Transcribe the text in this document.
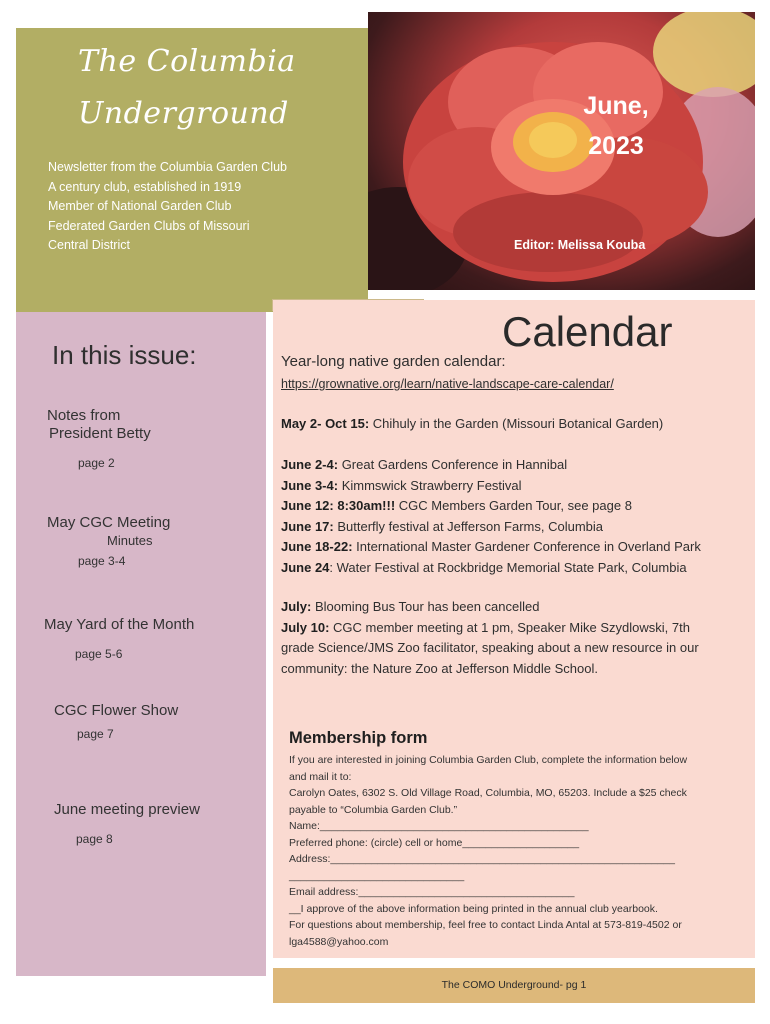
The Columbia
Underground
Newsletter from the Columbia Garden Club
A century club, established in 1919
Member of National Garden Club
Federated Garden Clubs of Missouri
Central District
June,
2023
Editor: Melissa Kouba
In this issue:
Notes from
President Betty
page 2
May CGC Meeting
Minutes
page 3-4
May Yard of the Month
page 5-6
CGC Flower Show
page 7
June meeting preview
page 8
Calendar
Year-long native garden calendar:
https://grownative.org/learn/native-landscape-care-calendar/
May 2- Oct 15: Chihuly in the Garden (Missouri Botanical Garden)
June 2-4: Great Gardens Conference in Hannibal
June 3-4: Kimmswick Strawberry Festival
June 12: 8:30am!!! CGC Members Garden Tour, see page 8
June 17: Butterfly festival at Jefferson Farms, Columbia
June 18-22: International Master Gardener Conference in Overland Park
June 24: Water Festival at Rockbridge Memorial State Park, Columbia
July: Blooming Bus Tour has been cancelled
July 10: CGC member meeting at 1 pm, Speaker Mike Szydlowski, 7th
grade Science/JMS Zoo facilitator, speaking about a new resource in our
community: the Nature Zoo at Jefferson Middle School.
Membership form
If you are interested in joining Columbia Garden Club, complete the information below
and mail it to:
Carolyn Oates, 6302 S. Old Village Road, Columbia, MO, 65203. Include a $25 check
payable to “Columbia Garden Club.”
Name:______________________________________________
Preferred phone: (circle) cell or home____________________
Address:___________________________________________________________
______________________________
Email address:_____________________________________
__I approve of the above information being printed in the annual club yearbook.
For questions about membership, feel free to contact Linda Antal at 573-819-4502 or
lga4588@yahoo.com
The COMO Underground- pg 1
